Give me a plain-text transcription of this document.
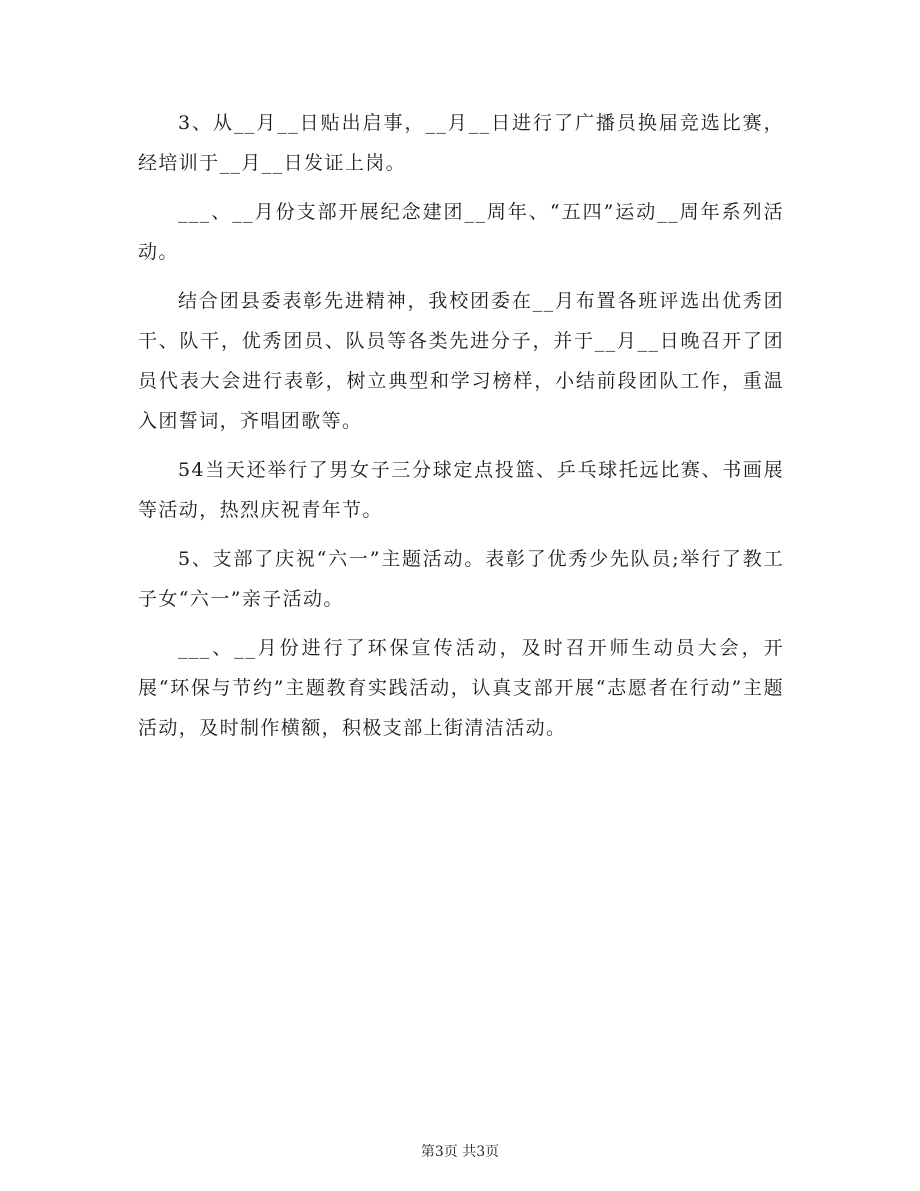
3、从__月__日贴出启事，__月__日进行了广播员换届竞选比赛，经培训于__月__日发证上岗。

___、__月份支部开展纪念建团__周年、“五四”运动__周年系列活动。

结合团县委表彰先进精神，我校团委在__月布置各班评选出优秀团干、队干，优秀团员、队员等各类先进分子，并于__月__日晚召开了团员代表大会进行表彰，树立典型和学习榜样，小结前段团队工作，重温入团誓词，齐唱团歌等。

54当天还举行了男女子三分球定点投篮、乒乓球托远比赛、书画展等活动，热烈庆祝青年节。

5、支部了庆祝“六一”主题活动。表彰了优秀少先队员;举行了教工子女“六一”亲子活动。

___、__月份进行了环保宣传活动，及时召开师生动员大会，开展“环保与节约”主题教育实践活动，认真支部开展“志愿者在行动”主题活动，及时制作横额，积极支部上街清洁活动。

第3页 共3页
